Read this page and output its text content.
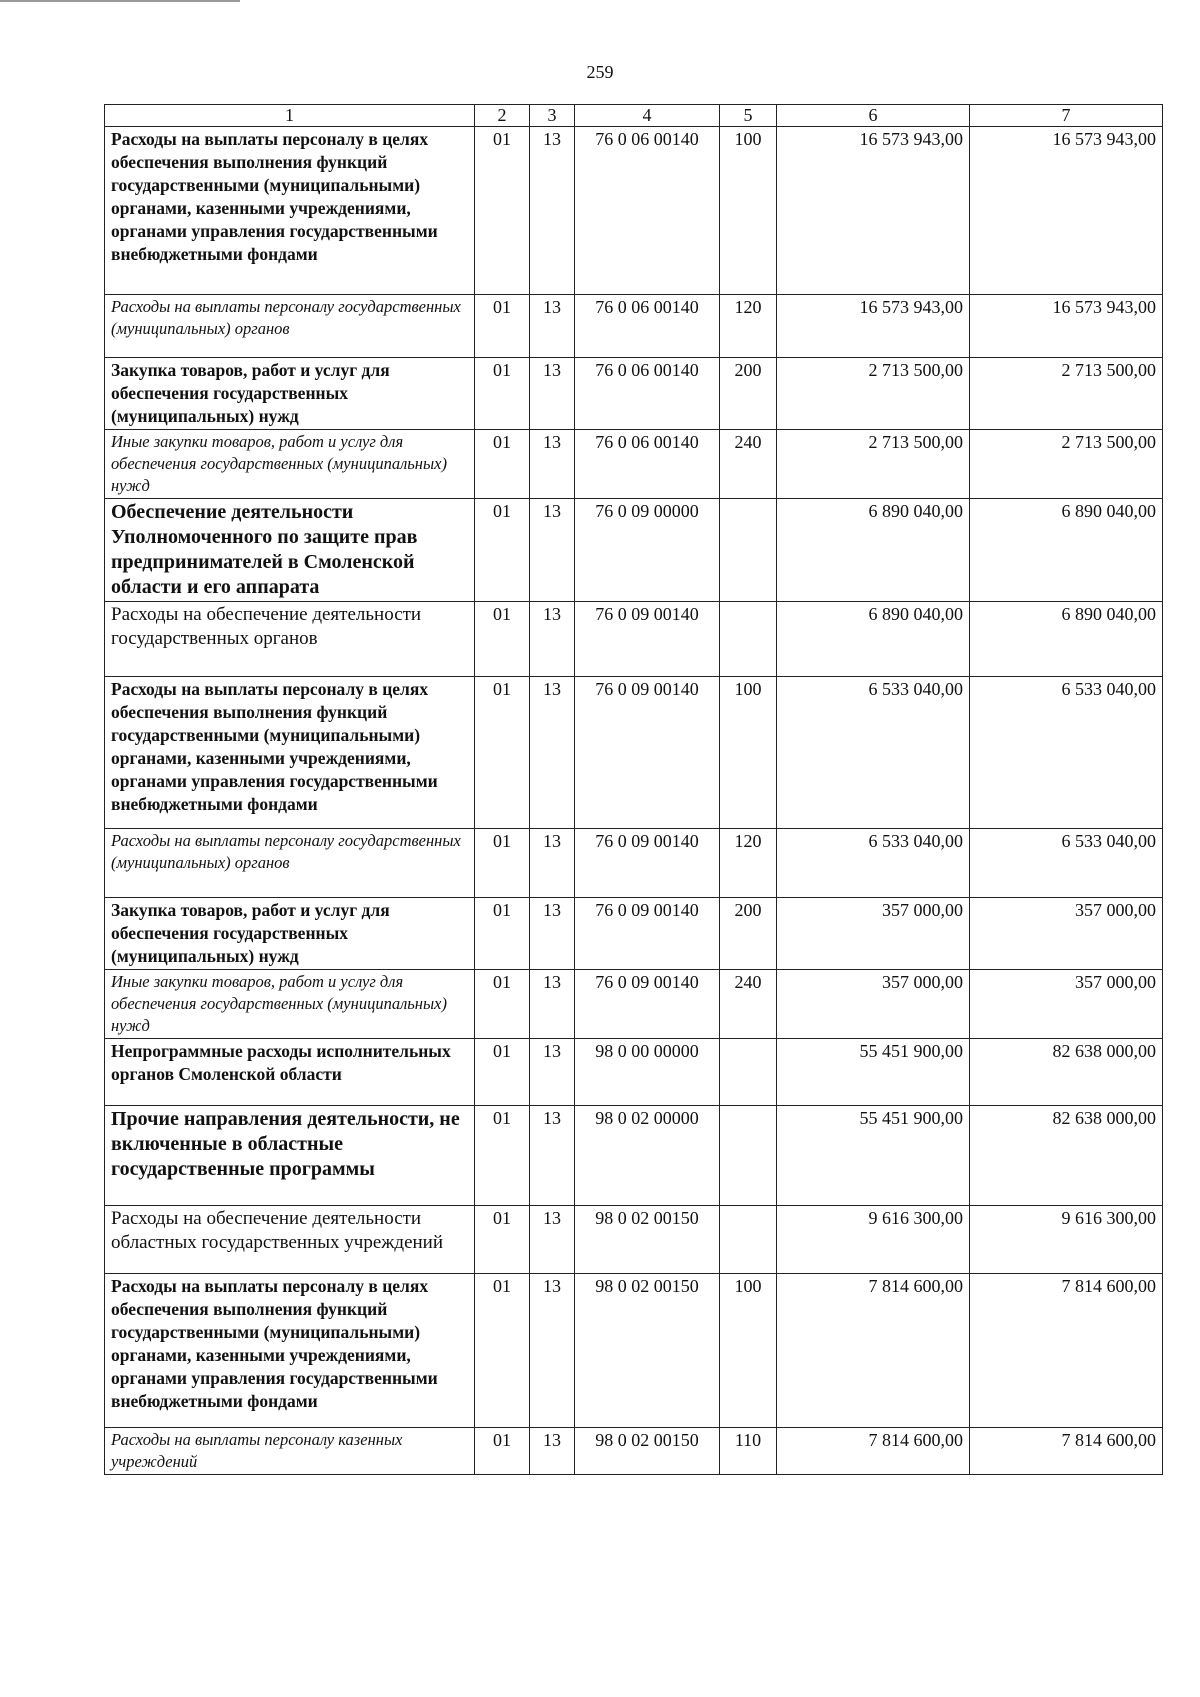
259
1	2	3	4	5	6	7
Расходы на выплаты персоналу в целях обеспечения выполнения функций государственными (муниципальными) органами, казенными учреждениями, органами управления государственными внебюджетными фондами	01	13	76 0 06 00140	100	16 573 943,00	16 573 943,00
Расходы на выплаты персоналу государственных (муниципальных) органов	01	13	76 0 06 00140	120	16 573 943,00	16 573 943,00
Закупка товаров, работ и услуг для обеспечения государственных (муниципальных) нужд	01	13	76 0 06 00140	200	2 713 500,00	2 713 500,00
Иные закупки товаров, работ и услуг для обеспечения государственных (муниципальных) нужд	01	13	76 0 06 00140	240	2 713 500,00	2 713 500,00
Обеспечение деятельности Уполномоченного по защите прав предпринимателей в Смоленской области и его аппарата	01	13	76 0 09 00000		6 890 040,00	6 890 040,00
Расходы на обеспечение деятельности государственных органов	01	13	76 0 09 00140		6 890 040,00	6 890 040,00
Расходы на выплаты персоналу в целях обеспечения выполнения функций государственными (муниципальными) органами, казенными учреждениями, органами управления государственными внебюджетными фондами	01	13	76 0 09 00140	100	6 533 040,00	6 533 040,00
Расходы на выплаты персоналу государственных (муниципальных) органов	01	13	76 0 09 00140	120	6 533 040,00	6 533 040,00
Закупка товаров, работ и услуг для обеспечения государственных (муниципальных) нужд	01	13	76 0 09 00140	200	357 000,00	357 000,00
Иные закупки товаров, работ и услуг для обеспечения государственных (муниципальных) нужд	01	13	76 0 09 00140	240	357 000,00	357 000,00
Непрограммные расходы исполнительных органов Смоленской области	01	13	98 0 00 00000		55 451 900,00	82 638 000,00
Прочие направления деятельности, не включенные в областные государственные программы	01	13	98 0 02 00000		55 451 900,00	82 638 000,00
Расходы на обеспечение деятельности областных государственных учреждений	01	13	98 0 02 00150		9 616 300,00	9 616 300,00
Расходы на выплаты персоналу в целях обеспечения выполнения функций государственными (муниципальными) органами, казенными учреждениями, органами управления государственными внебюджетными фондами	01	13	98 0 02 00150	100	7 814 600,00	7 814 600,00
Расходы на выплаты персоналу казенных учреждений	01	13	98 0 02 00150	110	7 814 600,00	7 814 600,00
